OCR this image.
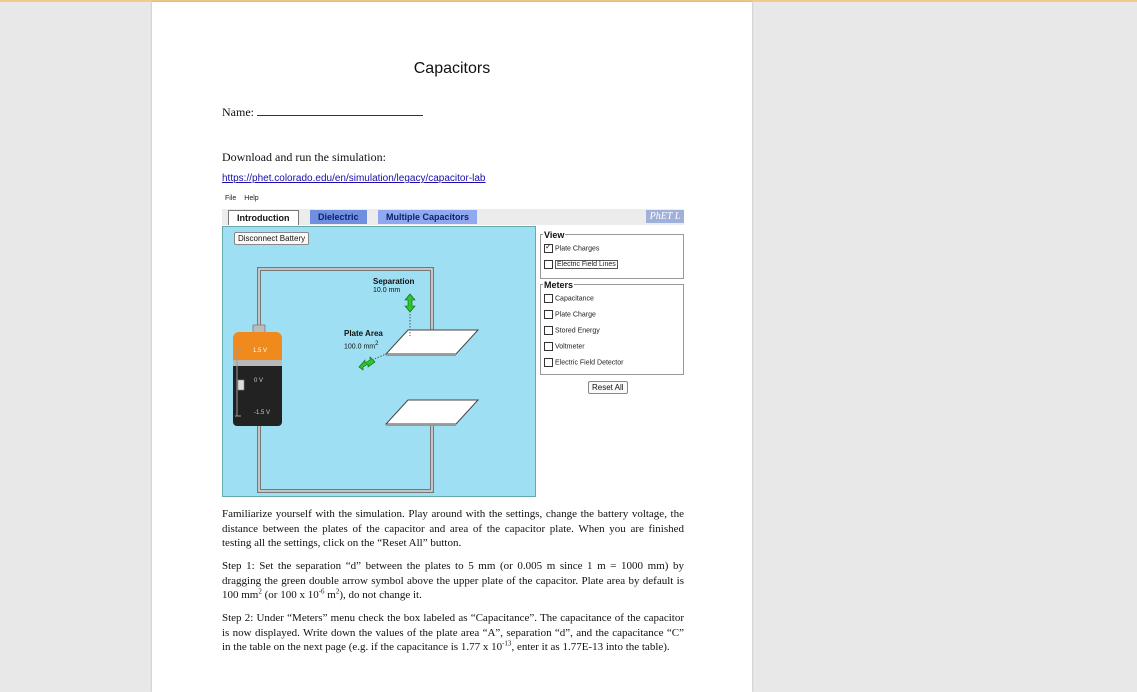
Capacitors
Name:
Download and run the simulation:
https://phet.colorado.edu/en/simulation/legacy/capacitor-lab
File Help
Introduction	Dielectric	Multiple Capacitors	PhET L
Disconnect Battery
Separation
10.0 mm
Plate Area
100.0 $mm^2$
1.5 V
0 V
-1.5 V
View
✓Plate Charges
Electric Field Lines
Meters
Capacitance
Plate Charge
Stored Energy
Voltmeter
Electric Field Detector
Reset All
Familiarize yourself with the simulation. Play around with the settings, change the battery voltage, the distance between the plates of the capacitor and area of the capacitor plate. When you are finished testing all the settings, click on the “Reset All” button.
Step 1: Set the separation “d” between the plates to 5 mm (or 0.005 m since 1 m = 1000 mm) by dragging the green double arrow symbol above the upper plate of the capacitor. Plate area by default is 100 $mm^2$ (or 100 x $10^{-6}$ $m^2$), do not change it.
Step 2: Under “Meters” menu check the box labeled as “Capacitance”. The capacitance of the capacitor is now displayed. Write down the values of the plate area “A”, separation “d”, and the capacitance “C” in the table on the next page (e.g. if the capacitance is 1.77 x $10^{-13}$, enter it as 1.77E-13 into the table).
